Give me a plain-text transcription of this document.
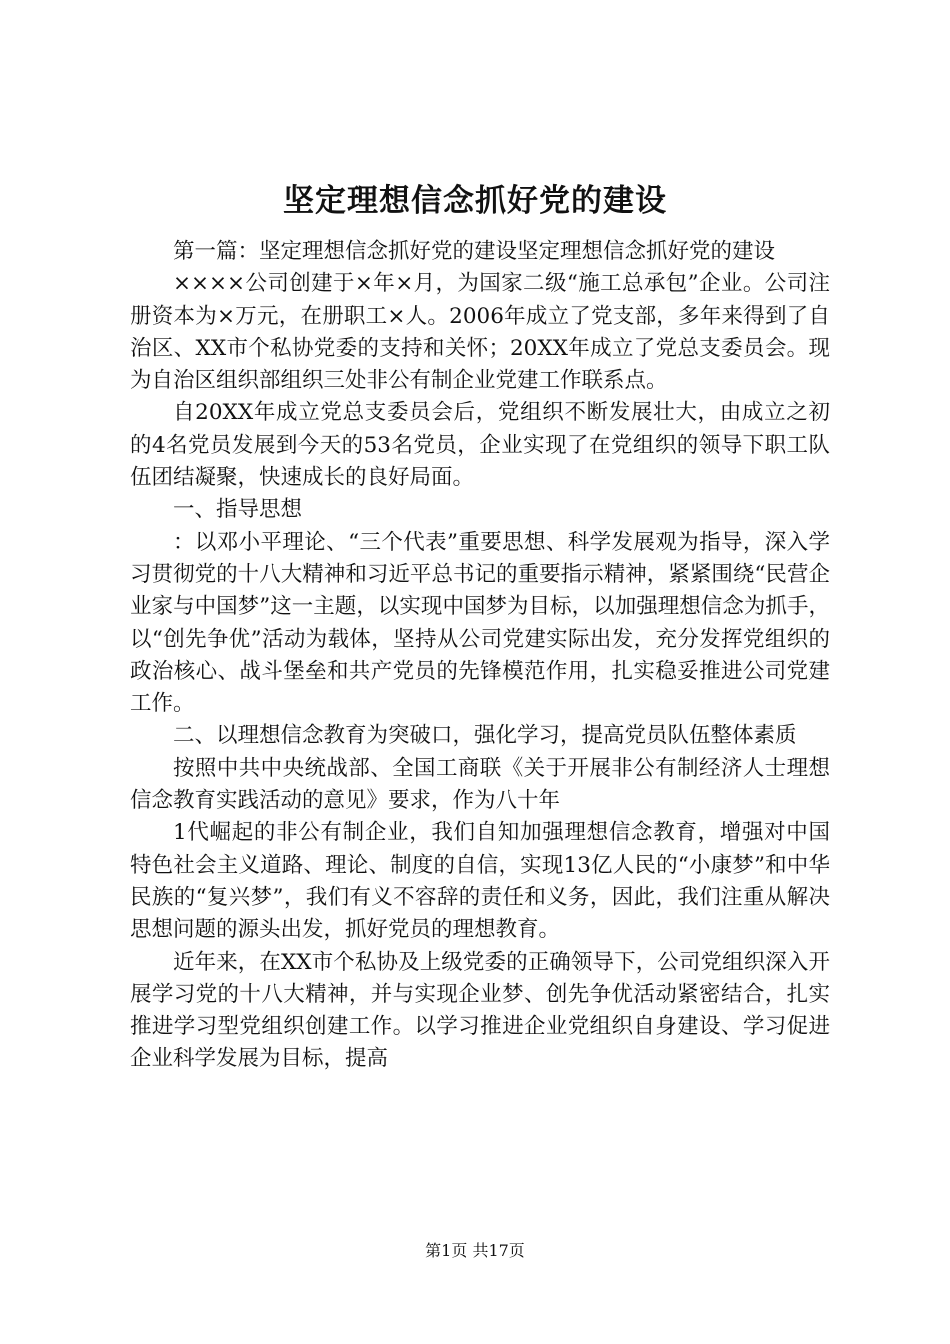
坚定理想信念抓好党的建设

第一篇：坚定理想信念抓好党的建设坚定理想信念抓好党的建设

××××公司创建于×年×月，为国家二级“施工总承包”企业。公司注册资本为×万元，在册职工×人。2006年成立了党支部，多年来得到了自治区、XX市个私协党委的支持和关怀；20XX年成立了党总支委员会。现为自治区组织部组织三处非公有制企业党建工作联系点。

自20XX年成立党总支委员会后，党组织不断发展壮大，由成立之初的4名党员发展到今天的53名党员，企业实现了在党组织的领导下职工队伍团结凝聚，快速成长的良好局面。

一、指导思想

：以邓小平理论、“三个代表”重要思想、科学发展观为指导，深入学习贯彻党的十八大精神和习近平总书记的重要指示精神，紧紧围绕“民营企业家与中国梦”这一主题，以实现中国梦为目标，以加强理想信念为抓手，以“创先争优”活动为载体，坚持从公司党建实际出发，充分发挥党组织的政治核心、战斗堡垒和共产党员的先锋模范作用，扎实稳妥推进公司党建工作。

二、以理想信念教育为突破口，强化学习，提高党员队伍整体素质

按照中共中央统战部、全国工商联《关于开展非公有制经济人士理想信念教育实践活动的意见》要求，作为八十年

1代崛起的非公有制企业，我们自知加强理想信念教育，增强对中国特色社会主义道路、理论、制度的自信，实现13亿人民的“小康梦”和中华民族的“复兴梦”，我们有义不容辞的责任和义务，因此，我们注重从解决思想问题的源头出发，抓好党员的理想教育。

近年来，在XX市个私协及上级党委的正确领导下，公司党组织深入开展学习党的十八大精神，并与实现企业梦、创先争优活动紧密结合，扎实推进学习型党组织创建工作。以学习推进企业党组织自身建设、学习促进企业科学发展为目标，提高

第1页 共17页
